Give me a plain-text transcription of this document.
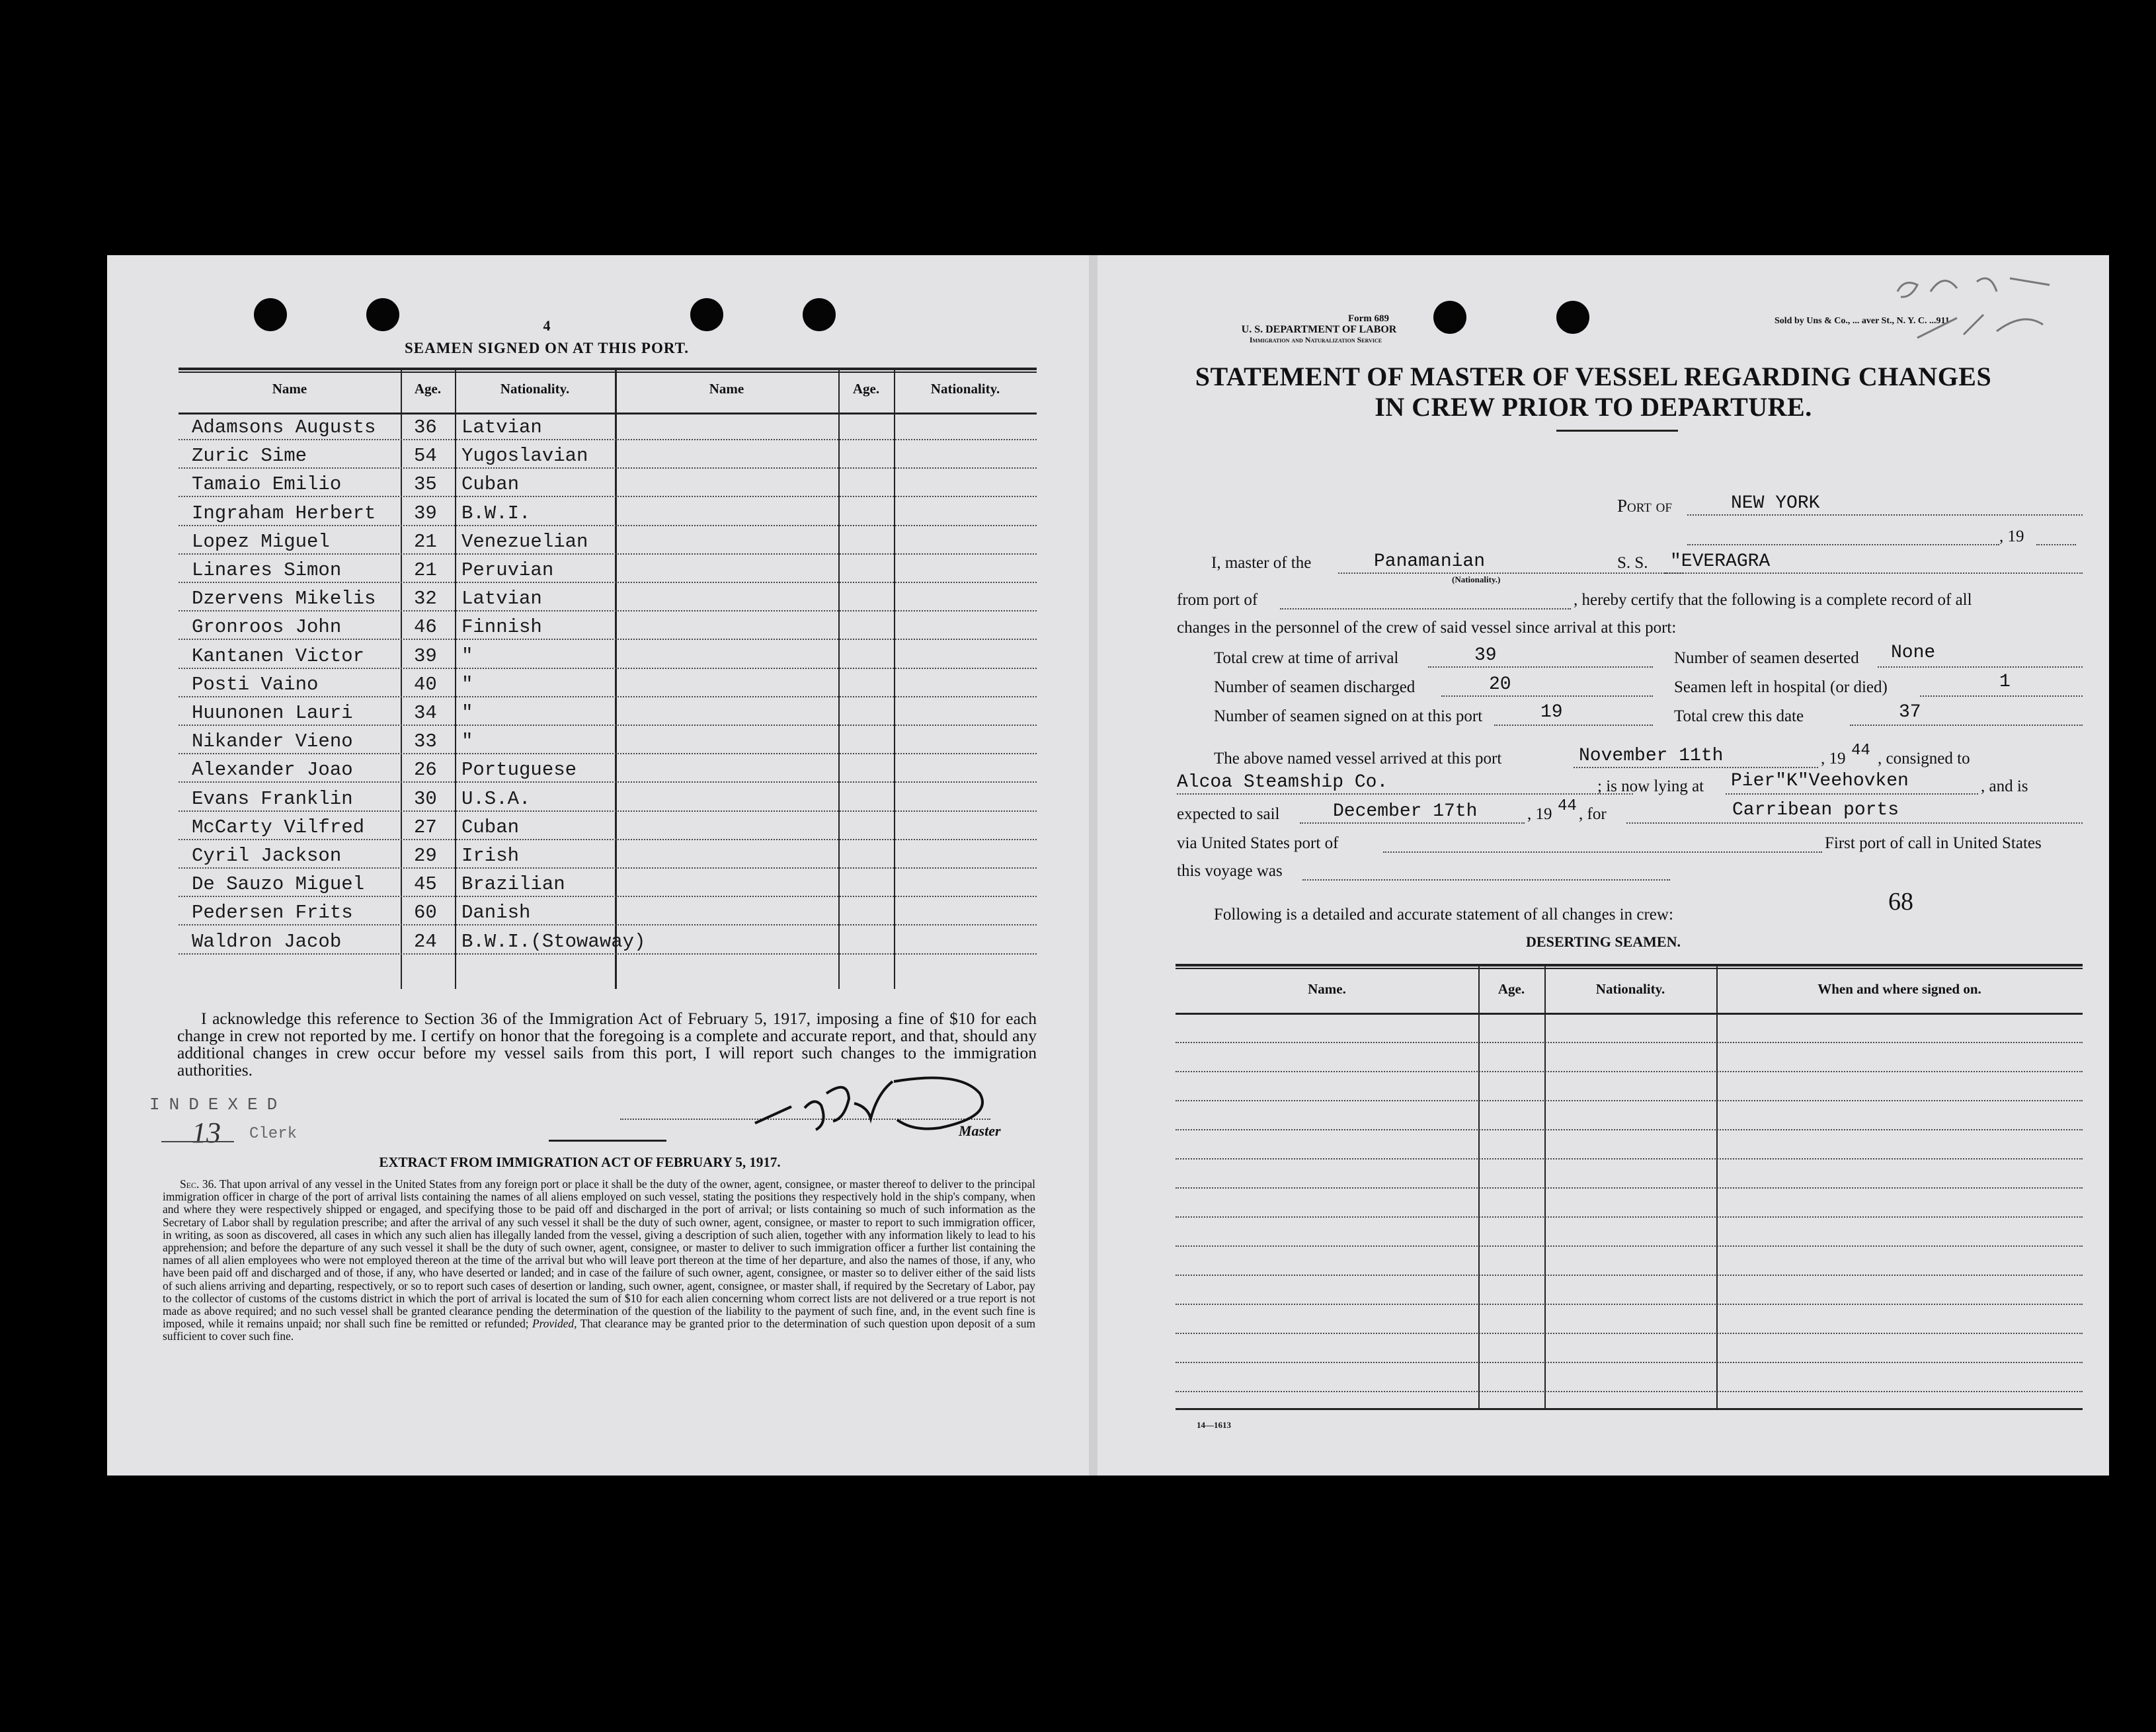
4
SEAMEN SIGNED ON AT THIS PORT.
Name	Age.	Nationality.	Name	Age.	Nationality.
Adamsons Augusts 36 Latvian
Zuric Sime	54 Yugoslavian
Tamaio Emilio	35 Cuban
Ingraham Herbert 39 B.W.I.
Lopez Miguel	21 Venezuelian
Linares Simon	21 Peruvian
Dzervens Mikelis 32 Latvian
Gronroos John	46 Finnish
Kantanen Victor	39 "
Posti Vaino	40 "
Huunonen Lauri	34 "
Nikander Vieno	33 "
Alexander Joao	26 Portuguese
Evans Franklin	30 U.S.A.
McCarty Vilfred	27 Cuban
Cyril Jackson	29 Irish
De Sauzo Miguel	45 Brazilian
Pedersen Frits	60 Danish
Waldron Jacob	24 B.W.I.(Stowaway)
I acknowledge this reference to Section 36 of the Immigration Act of February 5, 1917, imposing a fine of $10 for each change in crew not reported by me. I certify on honor that the foregoing is a complete and accurate report, and that, should any additional changes in crew occur before my vessel sails from this port, I will report such changes to the immigration authorities.
INDEXED
13 Clerk	Master
EXTRACT FROM IMMIGRATION ACT OF FEBRUARY 5, 1917.
Sec. 36. That upon arrival of any vessel in the United States from any foreign port or place it shall be the duty of the owner, agent, consignee, or master thereof to deliver to the principal immigration officer in charge of the port of arrival lists containing the names of all aliens employed on such vessel, stating the positions they respectively hold in the ship's company, when and where they were respectively shipped or engaged, and specifying those to be paid off and discharged in the port of arrival; or lists containing so much of such information as the Secretary of Labor shall by regulation prescribe; and after the arrival of any such vessel it shall be the duty of such owner, agent, consignee, or master to report to such immigration officer, in writing, as soon as discovered, all cases in which any such alien has illegally landed from the vessel, giving a description of such alien, together with any information likely to lead to his apprehension; and before the departure of any such vessel it shall be the duty of such owner, agent, consignee, or master to deliver to such immigration officer a further list containing the names of all alien employees who were not employed thereon at the time of the arrival but who will leave port thereon at the time of her departure, and also the names of those, if any, who have been paid off and discharged and of those, if any, who have deserted or landed; and in case of the failure of such owner, agent, consignee, or master so to deliver either of the said lists of such aliens arriving and departing, respectively, or so to report such cases of desertion or landing, such owner, agent, consignee, or master shall, if required by the Secretary of Labor, pay to the collector of customs of the customs district in which the port of arrival is located the sum of $10 for each alien concerning whom correct lists are not delivered or a true report is not made as above required; and no such vessel shall be granted clearance pending the determination of the question of the liability to the payment of such fine, and, in the event such fine is imposed, while it remains unpaid; nor shall such fine be remitted or refunded; Provided, That clearance may be granted prior to the determination of such question upon deposit of a sum sufficient to cover such fine.
Form 689
U. S. DEPARTMENT OF LABOR
Immigration and Naturalization Service
Sold by Uns & Co., ... aver St., N. Y. C. ...911
STATEMENT OF MASTER OF VESSEL REGARDING CHANGES
IN CREW PRIOR TO DEPARTURE.
Port of	NEW YORK
, 19
I, master of the	Panamanian
(Nationality.)
S. S. "EVERAGRA
from port of	, hereby certify that the following is a complete record of all
changes in the personnel of the crew of said vessel since arrival at this port:
Total crew at time of arrival	39	Number of seamen deserted None
Number of seamen discharged	20	Seamen left in hospital (or died)	1
Number of seamen signed on at this port	19	Total crew this date	37
The above named vessel arrived at this port	November 11th	, 19 44 , consigned to
Alcoa Steamship Co.	; is now lying at Pier"K"Veehovken	, and is
expected to sail	December 17th	, 19 44 , for	Carribean ports
via United States port of	First port of call in United States
this voyage was
68
Following is a detailed and accurate statement of all changes in crew:
DESERTING SEAMEN.
Name.	Age.	Nationality.	When and where signed on.
14—1613
